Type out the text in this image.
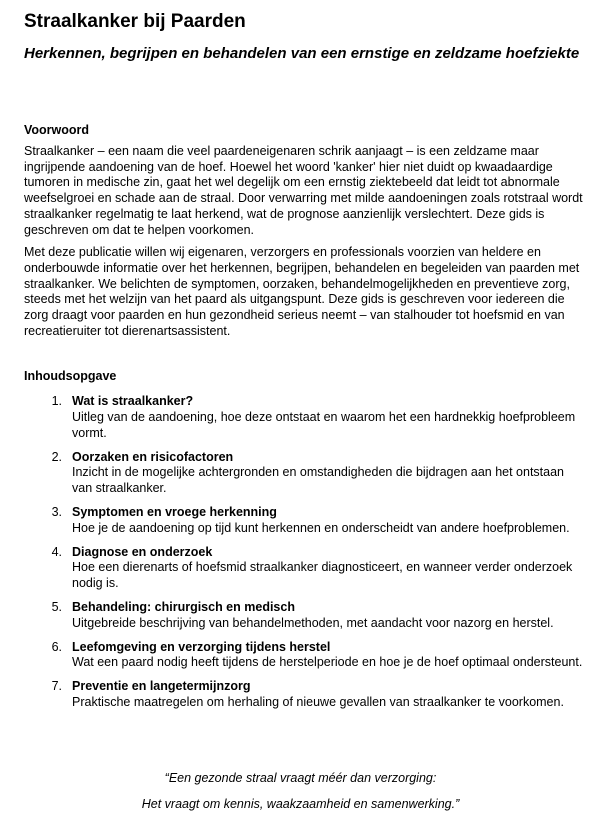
Straalkanker bij Paarden
Herkennen, begrijpen en behandelen van een ernstige en zeldzame hoefziekte
Voorwoord

Straalkanker – een naam die veel paardeneigenaren schrik aanjaagt – is een zeldzame maar ingrijpende aandoening van de hoef. Hoewel het woord 'kanker' hier niet duidt op kwaadaardige tumoren in medische zin, gaat het wel degelijk om een ernstig ziektebeeld dat leidt tot abnormale weefselgroei en schade aan de straal. Door verwarring met milde aandoeningen zoals rotstraal wordt straalkanker regelmatig te laat herkend, wat de prognose aanzienlijk verslechtert. Deze gids is geschreven om dat te helpen voorkomen.

Met deze publicatie willen wij eigenaren, verzorgers en professionals voorzien van heldere en onderbouwde informatie over het herkennen, begrijpen, behandelen en begeleiden van paarden met straalkanker. We belichten de symptomen, oorzaken, behandelmogelijkheden en preventieve zorg, steeds met het welzijn van het paard als uitgangspunt. Deze gids is geschreven voor iedereen die zorg draagt voor paarden en hun gezondheid serieus neemt – van stalhouder tot hoefsmid en van recreatieruiter tot dierenartsassistent.

Inhoudsopgave
1. Wat is straalkanker?
Uitleg van de aandoening, hoe deze ontstaat en waarom het een hardnekkig hoefprobleem vormt.
2. Oorzaken en risicofactoren
Inzicht in de mogelijke achtergronden en omstandigheden die bijdragen aan het ontstaan van straalkanker.
3. Symptomen en vroege herkenning
Hoe je de aandoening op tijd kunt herkennen en onderscheidt van andere hoefproblemen.
4. Diagnose en onderzoek
Hoe een dierenarts of hoefsmid straalkanker diagnosticeert, en wanneer verder onderzoek nodig is.
5. Behandeling: chirurgisch en medisch
Uitgebreide beschrijving van behandelmethoden, met aandacht voor nazorg en herstel.
6. Leefomgeving en verzorging tijdens herstel
Wat een paard nodig heeft tijdens de herstelperiode en hoe je de hoef optimaal ondersteunt.
7. Preventie en langetermijnzorg
Praktische maatregelen om herhaling of nieuwe gevallen van straalkanker te voorkomen.
“Een gezonde straal vraagt méér dan verzorging:
Het vraagt om kennis, waakzaamheid en samenwerking.”
